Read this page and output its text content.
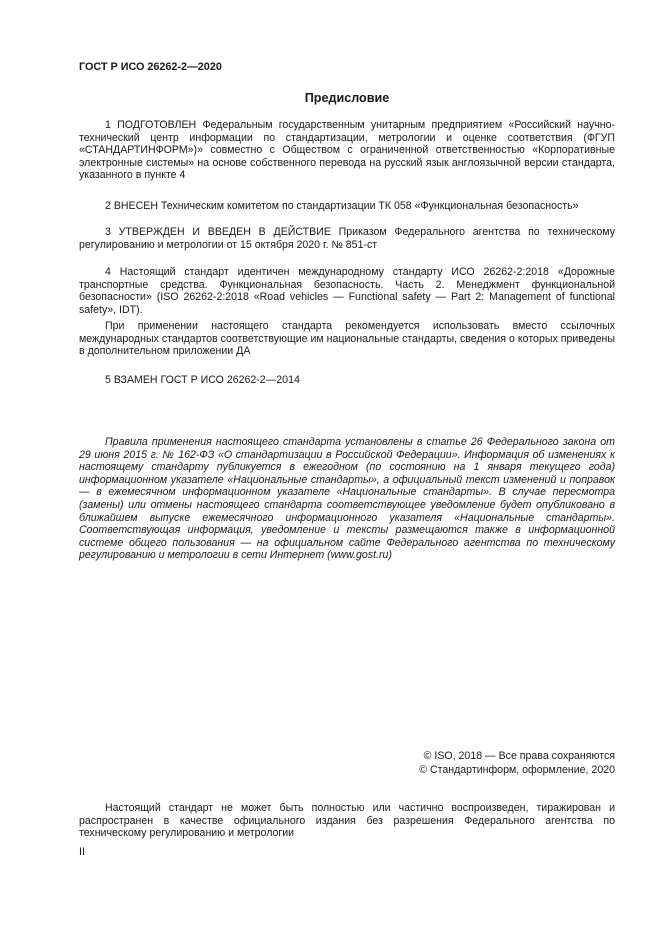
ГОСТ Р ИСО 26262-2—2020
Предисловие

1 ПОДГОТОВЛЕН Федеральным государственным унитарным предприятием «Российский научно-технический центр информации по стандартизации, метрологии и оценке соответствия (ФГУП «СТАНДАРТИНФОРМ»)» совместно с Обществом с ограниченной ответственностью «Корпоративные электронные системы» на основе собственного перевода на русский язык англоязычной версии стандарта, указанного в пункте 4

2 ВНЕСЕН Техническим комитетом по стандартизации ТК 058 «Функциональная безопасность»

3 УТВЕРЖДЕН И ВВЕДЕН В ДЕЙСТВИЕ Приказом Федерального агентства по техническому регулированию и метрологии от 15 октября 2020 г. № 851-ст

4 Настоящий стандарт идентичен международному стандарту ИСО 26262-2:2018 «Дорожные транспортные средства. Функциональная безопасность. Часть 2. Менеджмент функциональной безопасности» (ISO 26262-2:2018 «Road vehicles — Functional safety — Part 2: Management of functional safety», IDT).

При применении настоящего стандарта рекомендуется использовать вместо ссылочных международных стандартов соответствующие им национальные стандарты, сведения о которых приведены в дополнительном приложении ДА

5 ВЗАМЕН ГОСТ Р ИСО 26262-2—2014

Правила применения настоящего стандарта установлены в статье 26 Федерального закона от 29 июня 2015 г. № 162-ФЗ «О стандартизации в Российской Федерации». Информация об изменениях к настоящему стандарту публикуется в ежегодном (по состоянию на 1 января текущего года) информационном указателе «Национальные стандарты», а официальный текст изменений и поправок — в ежемесячном информационном указателе «Национальные стандарты». В случае пересмотра (замены) или отмены настоящего стандарта соответствующее уведомление будет опубликовано в ближайшем выпуске ежемесячного информационного указателя «Национальные стандарты». Соответствующая информация, уведомление и тексты размещаются также в информационной системе общего пользования — на официальном сайте Федерального агентства по техническому регулированию и метрологии в сети Интернет (www.gost.ru)

© ISO, 2018 — Все права сохраняются
© Стандартинформ, оформление, 2020

Настоящий стандарт не может быть полностью или частично воспроизведен, тиражирован и распространен в качестве официального издания без разрешения Федерального агентства по техническому регулированию и метрологии

II
